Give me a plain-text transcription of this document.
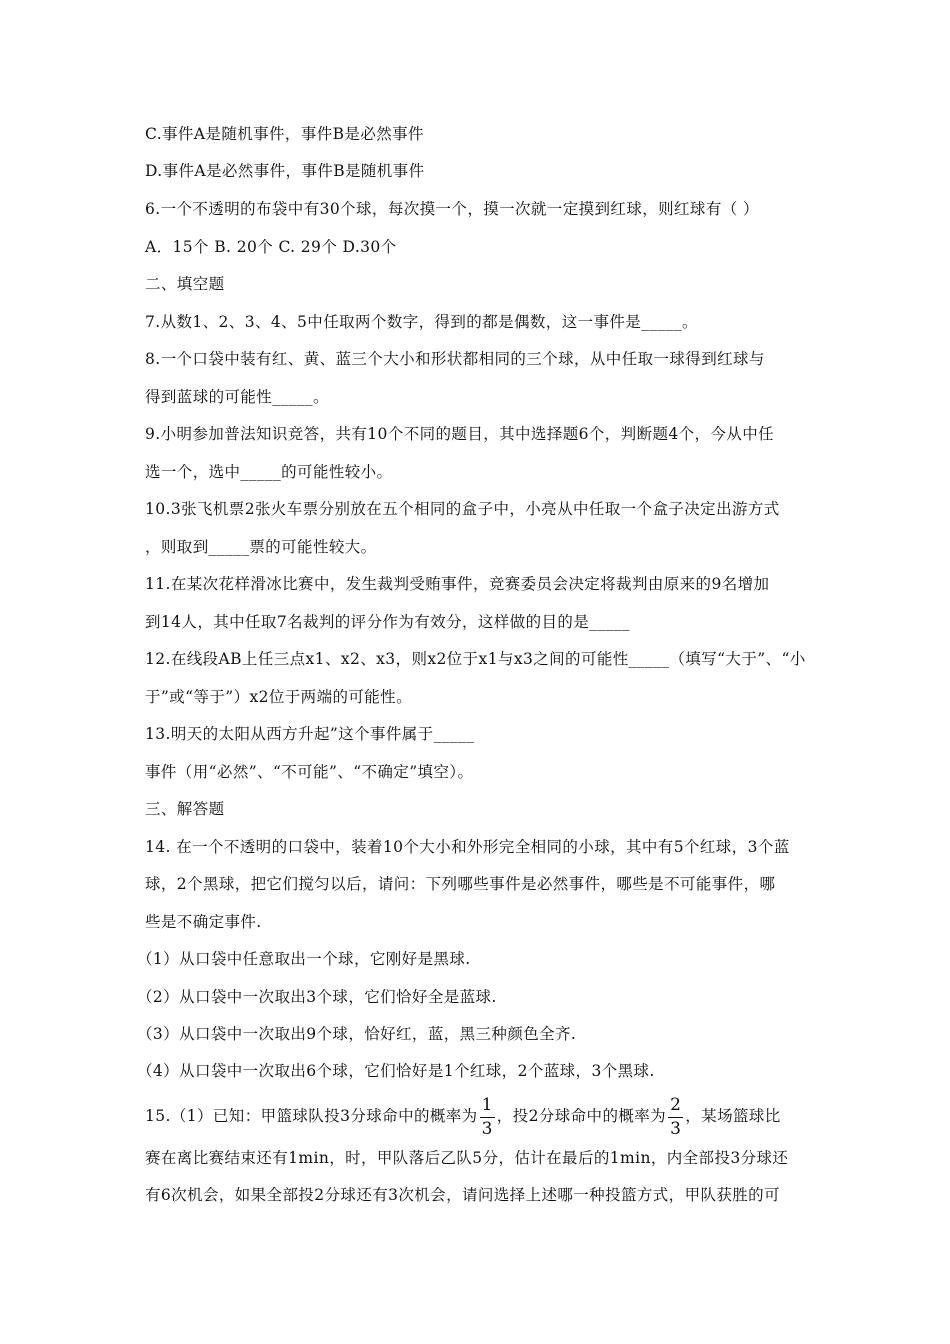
C.事件A是随机事件，事件B是必然事件
D.事件A是必然事件，事件B是随机事件
6.一个不透明的布袋中有30个球，每次摸一个，摸一次就一定摸到红球，则红球有（ ）
A．15个 B. 20个 C. 29个 D.30个
二、填空题
7.从数1、2、3、4、5中任取两个数字，得到的都是偶数，这一事件是_____。
8.一个口袋中装有红、黄、蓝三个大小和形状都相同的三个球，从中任取一球得到红球与
得到蓝球的可能性_____。
9.小明参加普法知识竞答，共有10个不同的题目，其中选择题6个，判断题4个，今从中任
选一个，选中_____的可能性较小。
10.3张飞机票2张火车票分别放在五个相同的盒子中，小亮从中任取一个盒子决定出游方式
，则取到_____票的可能性较大。
11.在某次花样滑冰比赛中，发生裁判受贿事件，竞赛委员会决定将裁判由原来的9名增加
到14人，其中任取7名裁判的评分作为有效分，这样做的目的是_____
12.在线段AB上任三点x1、x2、x3，则x2位于x1与x3之间的可能性_____（填写“大于”、“小
于”或“等于”）x2位于两端的可能性。
13.明天的太阳从西方升起”这个事件属于_____
事件（用“必然”、“不可能”、“不确定”填空）。
三、解答题
14. 在一个不透明的口袋中，装着10个大小和外形完全相同的小球，其中有5个红球，3个蓝
球，2个黑球，把它们搅匀以后，请问：下列哪些事件是必然事件，哪些是不可能事件，哪
些是不确定事件.
（1）从口袋中任意取出一个球，它刚好是黑球.
（2）从口袋中一次取出3个球，它们恰好全是蓝球.
（3）从口袋中一次取出9个球，恰好红，蓝，黑三种颜色全齐.
（4）从口袋中一次取出6个球，它们恰好是1个红球，2个蓝球，3个黑球.
15.（1）已知：甲篮球队投3分球命中的概率为 $\frac{1}{3}$ ，投2分球命中的概率为 $\frac{2}{3}$ ，某场篮球比
赛在离比赛结束还有1min，时，甲队落后乙队5分，估计在最后的1min，内全部投3分球还
有6次机会，如果全部投2分球还有3次机会，请问选择上述哪一种投篮方式，甲队获胜的可
